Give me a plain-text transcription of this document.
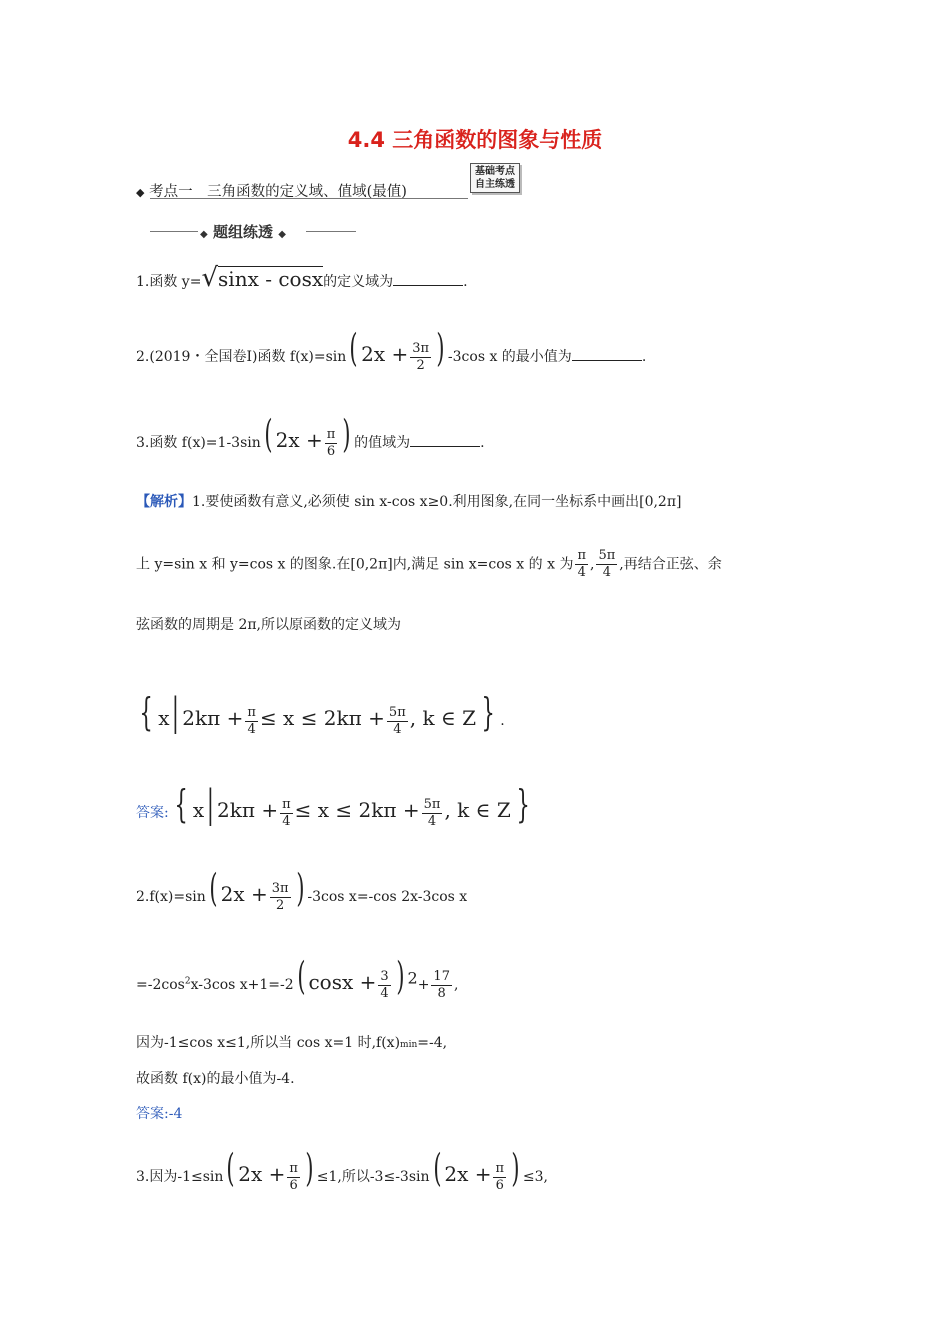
4.4 三角函数的图象与性质
◆ 考点一　三角函数的定义域、值域(最值)
基础考点
自主练透
◆ 题组练透 ◆
1.函数 y=√sinx - cosx的定义域为	.
2.(2019・全国卷Ⅰ)函数 f(x)=sin( $2x + \frac{3\pi}{2}$ ) -3cos x 的最小值为	.
3.函数 f(x)=1-3sin( $2x + \frac{\pi}{6}$ ) 的值域为	.
【解析】1.要使函数有意义,必须使 sin x-cos x≥0.利用图象,在同一坐标系中画出[0,2π]
上 y=sin x 和 y=cos x 的图象.在[0,2π]内,满足 sin x=cos x 的 x 为 $\frac{\pi}{4}$ , $\frac{5\pi}{4}$ ,再结合正弦、余
弦函数的周期是 2π,所以原函数的定义域为
{ x| $2k\pi + \frac{\pi}{4} \le x \le 2k\pi + \frac{5\pi}{4}$ , k ∈ Z } .
答案: { x| $2k\pi + \frac{\pi}{4} \le x \le 2k\pi + \frac{5\pi}{4}$ , k ∈ Z }
2.f(x)=sin( $2x + \frac{3\pi}{2}$ ) -3cos x=-cos 2x-3cos x
$=-2\cos^2x-3\cos$ x+1=-2( $\cos x + \frac{3}{4}$ ) $2+ \frac{17}{8}$ ,
因为-1≤cos x≤1,所以当 cos x=1 时,f(x)min=-4,
故函数 f(x)的最小值为-4.
答案:-4
3.因为-1≤sin( $2x + \frac{\pi}{6}$ ) ≤1,所以-3≤-3sin( $2x + \frac{\pi}{6}$ ) ≤3,
